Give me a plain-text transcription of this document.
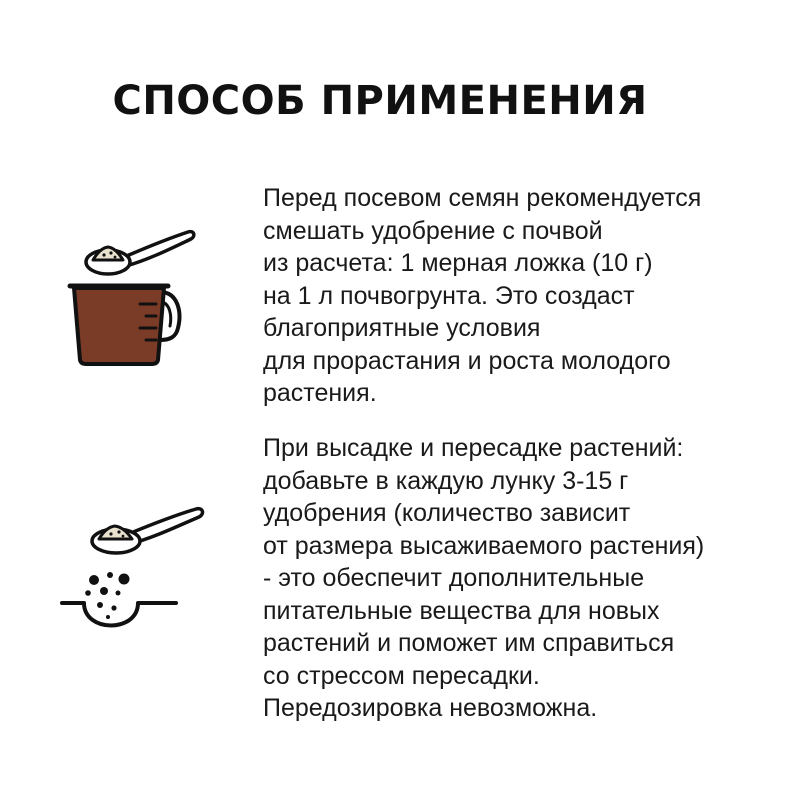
СПОСОБ ПРИМЕНЕНИЯ
Перед посевом семян рекомендуется
смешать удобрение с почвой
из расчета: 1 мерная ложка (10 г)
на 1 л почвогрунта. Это создаст
благоприятные условия
для прорастания и роста молодого
растения.
При высадке и пересадке растений:
добавьте в каждую лунку 3-15 г
удобрения (количество зависит
от размера высаживаемого растения)
- это обеспечит дополнительные
питательные вещества для новых
растений и поможет им справиться
со стрессом пересадки.
Передозировка невозможна.
